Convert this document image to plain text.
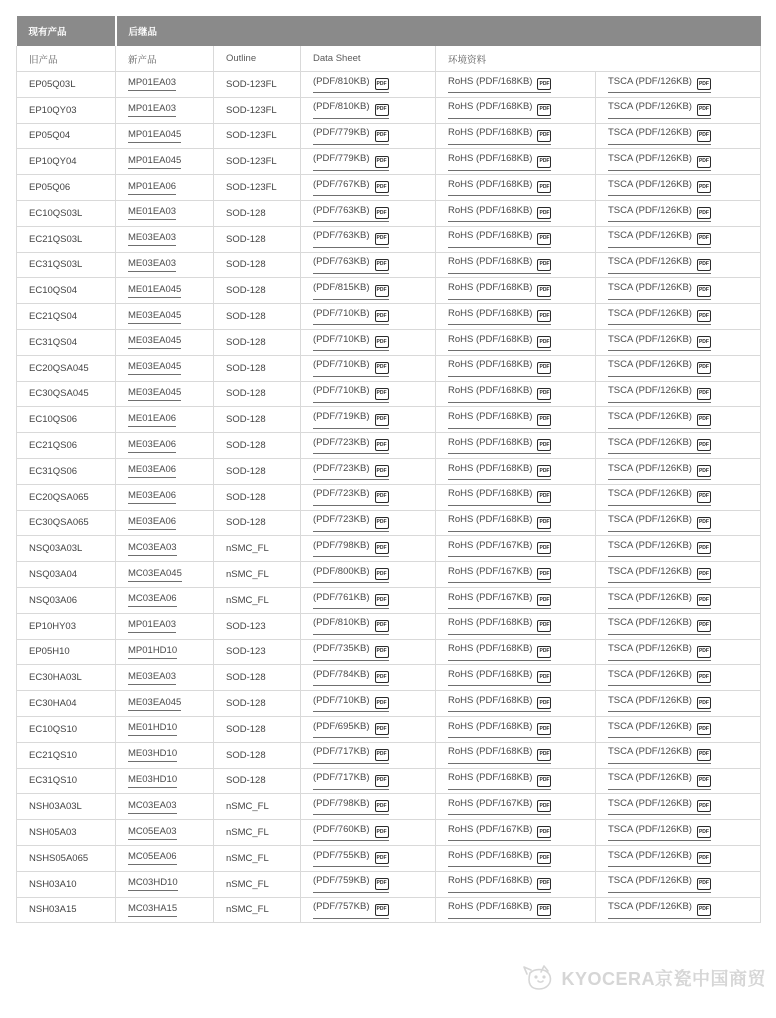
现有产品	后继品				
旧产品	新产品	Outline	Data Sheet	环境资料	
EP05Q03L	MP01EA03	SOD-123FL	(PDF/810KB) PDF	RoHS (PDF/168KB) PDF	TSCA (PDF/126KB) PDF
EP10QY03	MP01EA03	SOD-123FL	(PDF/810KB) PDF	RoHS (PDF/168KB) PDF	TSCA (PDF/126KB) PDF
EP05Q04	MP01EA045	SOD-123FL	(PDF/779KB) PDF	RoHS (PDF/168KB) PDF	TSCA (PDF/126KB) PDF
EP10QY04	MP01EA045	SOD-123FL	(PDF/779KB) PDF	RoHS (PDF/168KB) PDF	TSCA (PDF/126KB) PDF
EP05Q06	MP01EA06	SOD-123FL	(PDF/767KB) PDF	RoHS (PDF/168KB) PDF	TSCA (PDF/126KB) PDF
EC10QS03L	ME01EA03	SOD-128	(PDF/763KB) PDF	RoHS (PDF/168KB) PDF	TSCA (PDF/126KB) PDF
EC21QS03L	ME03EA03	SOD-128	(PDF/763KB) PDF	RoHS (PDF/168KB) PDF	TSCA (PDF/126KB) PDF
EC31QS03L	ME03EA03	SOD-128	(PDF/763KB) PDF	RoHS (PDF/168KB) PDF	TSCA (PDF/126KB) PDF
EC10QS04	ME01EA045	SOD-128	(PDF/815KB) PDF	RoHS (PDF/168KB) PDF	TSCA (PDF/126KB) PDF
EC21QS04	ME03EA045	SOD-128	(PDF/710KB) PDF	RoHS (PDF/168KB) PDF	TSCA (PDF/126KB) PDF
EC31QS04	ME03EA045	SOD-128	(PDF/710KB) PDF	RoHS (PDF/168KB) PDF	TSCA (PDF/126KB) PDF
EC20QSA045	ME03EA045	SOD-128	(PDF/710KB) PDF	RoHS (PDF/168KB) PDF	TSCA (PDF/126KB) PDF
EC30QSA045	ME03EA045	SOD-128	(PDF/710KB) PDF	RoHS (PDF/168KB) PDF	TSCA (PDF/126KB) PDF
EC10QS06	ME01EA06	SOD-128	(PDF/719KB) PDF	RoHS (PDF/168KB) PDF	TSCA (PDF/126KB) PDF
EC21QS06	ME03EA06	SOD-128	(PDF/723KB) PDF	RoHS (PDF/168KB) PDF	TSCA (PDF/126KB) PDF
EC31QS06	ME03EA06	SOD-128	(PDF/723KB) PDF	RoHS (PDF/168KB) PDF	TSCA (PDF/126KB) PDF
EC20QSA065	ME03EA06	SOD-128	(PDF/723KB) PDF	RoHS (PDF/168KB) PDF	TSCA (PDF/126KB) PDF
EC30QSA065	ME03EA06	SOD-128	(PDF/723KB) PDF	RoHS (PDF/168KB) PDF	TSCA (PDF/126KB) PDF
NSQ03A03L	MC03EA03	nSMC_FL	(PDF/798KB) PDF	RoHS (PDF/167KB) PDF	TSCA (PDF/126KB) PDF
NSQ03A04	MC03EA045	nSMC_FL	(PDF/800KB) PDF	RoHS (PDF/167KB) PDF	TSCA (PDF/126KB) PDF
NSQ03A06	MC03EA06	nSMC_FL	(PDF/761KB) PDF	RoHS (PDF/167KB) PDF	TSCA (PDF/126KB) PDF
EP10HY03	MP01EA03	SOD-123	(PDF/810KB) PDF	RoHS (PDF/168KB) PDF	TSCA (PDF/126KB) PDF
EP05H10	MP01HD10	SOD-123	(PDF/735KB) PDF	RoHS (PDF/168KB) PDF	TSCA (PDF/126KB) PDF
EC30HA03L	ME03EA03	SOD-128	(PDF/784KB) PDF	RoHS (PDF/168KB) PDF	TSCA (PDF/126KB) PDF
EC30HA04	ME03EA045	SOD-128	(PDF/710KB) PDF	RoHS (PDF/168KB) PDF	TSCA (PDF/126KB) PDF
EC10QS10	ME01HD10	SOD-128	(PDF/695KB) PDF	RoHS (PDF/168KB) PDF	TSCA (PDF/126KB) PDF
EC21QS10	ME03HD10	SOD-128	(PDF/717KB) PDF	RoHS (PDF/168KB) PDF	TSCA (PDF/126KB) PDF
EC31QS10	ME03HD10	SOD-128	(PDF/717KB) PDF	RoHS (PDF/168KB) PDF	TSCA (PDF/126KB) PDF
NSH03A03L	MC03EA03	nSMC_FL	(PDF/798KB) PDF	RoHS (PDF/167KB) PDF	TSCA (PDF/126KB) PDF
NSH05A03	MC05EA03	nSMC_FL	(PDF/760KB) PDF	RoHS (PDF/167KB) PDF	TSCA (PDF/126KB) PDF
NSHS05A065	MC05EA06	nSMC_FL	(PDF/755KB) PDF	RoHS (PDF/168KB) PDF	TSCA (PDF/126KB) PDF
NSH03A10	MC03HD10	nSMC_FL	(PDF/759KB) PDF	RoHS (PDF/168KB) PDF	TSCA (PDF/126KB) PDF
NSH03A15	MC03HA15	nSMC_FL	(PDF/757KB) PDF	RoHS (PDF/168KB) PDF	TSCA (PDF/126KB) PDF
KYOCERA京瓷中国商贸
